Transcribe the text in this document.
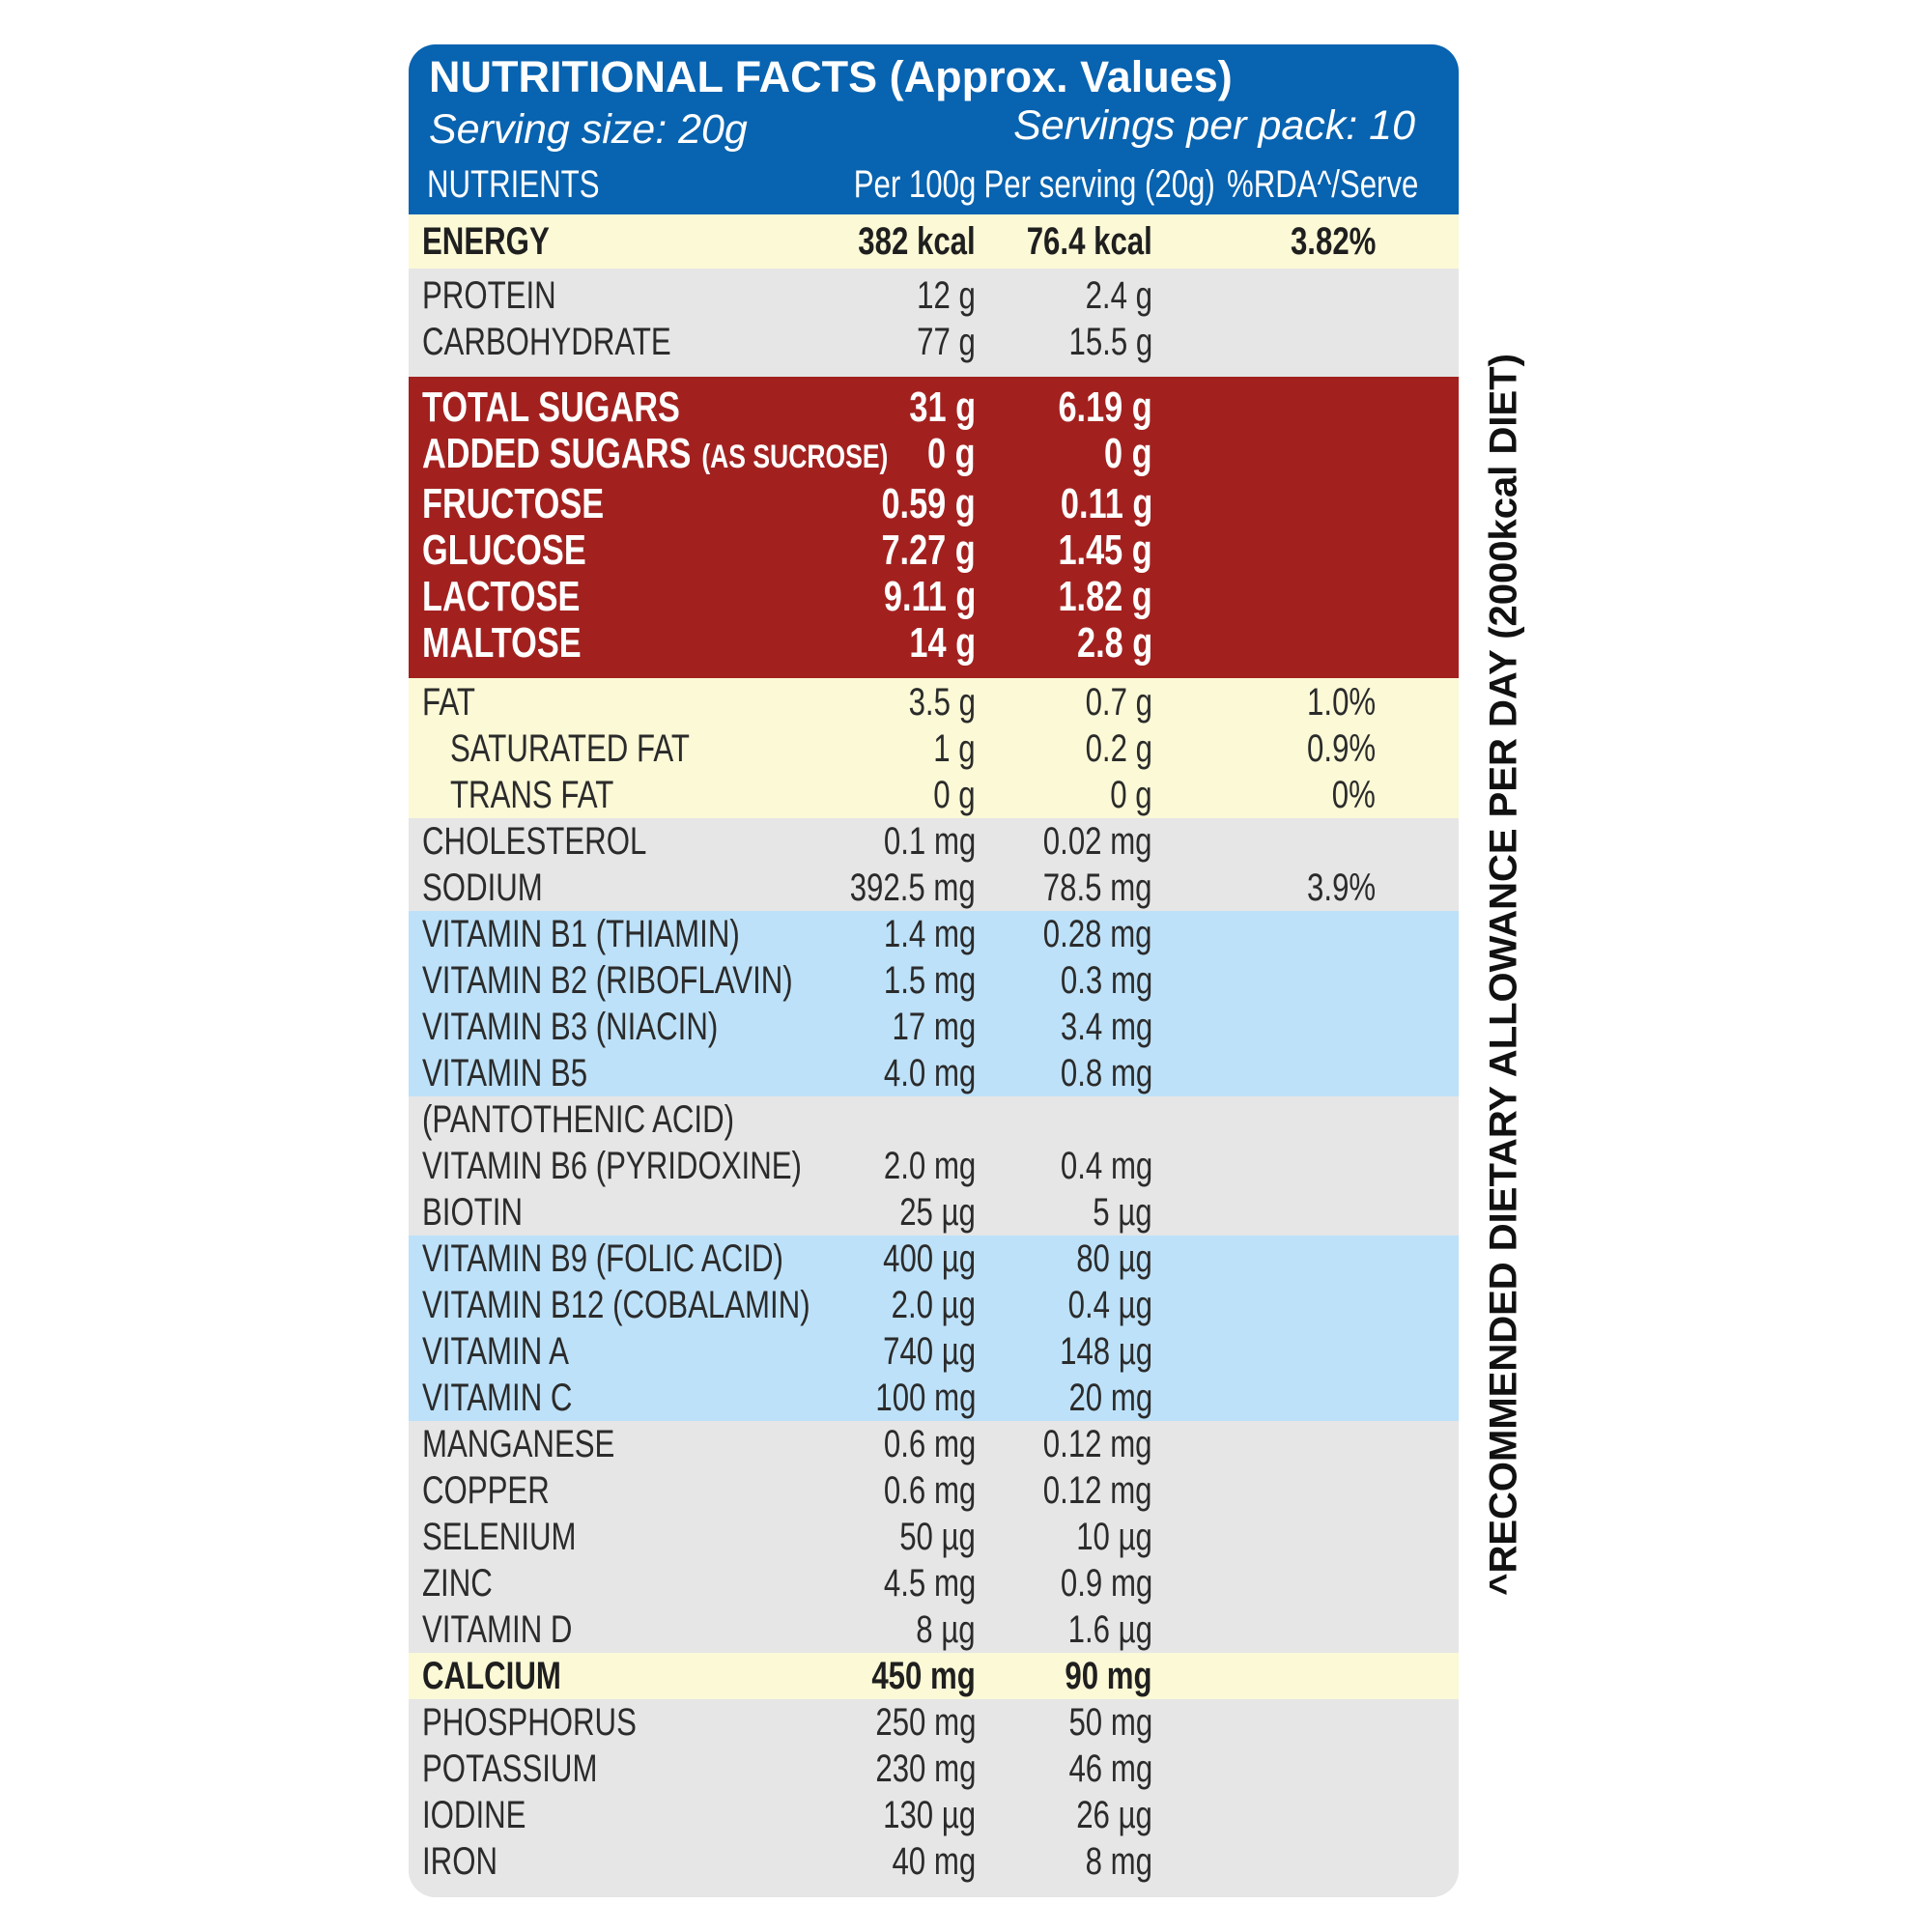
NUTRITIONAL FACTS (Approx. Values)
Serving size: 20g	Servings per pack: 10
NUTRIENTS	Per 100g Per serving (20g) %RDA^/Serve
ENERGY	382 kcal 76.4 kcal	3.82%
PROTEIN	12 g	2.4 g
CARBOHYDRATE	77 g 15.5 g
TOTAL SUGARS	31 g 6.19 g
ADDED SUGARS (AS SUCROSE) 0 g	0 g
FRUCTOSE	0.59 g 0.11 g
GLUCOSE	7.27 g 1.45 g
LACTOSE	9.11 g 1.82 g
MALTOSE	14 g 2.8 g
FAT	3.5 g	0.7 g	1.0%
SATURATED FAT	1 g	0.2 g	0.9%
TRANS FAT	0 g	0 g	0%
CHOLESTEROL	0.1 mg 0.02 mg
SODIUM	392.5 mg 78.5 mg	3.9%
VITAMIN B1 (THIAMIN)	1.4 mg 0.28 mg
VITAMIN B2 (RIBOFLAVIN) 1.5 mg 0.3 mg
VITAMIN B3 (NIACIN)	17 mg 3.4 mg
VITAMIN B5	4.0 mg 0.8 mg
(PANTOTHENIC ACID)
VITAMIN B6 (PYRIDOXINE) 2.0 mg 0.4 mg
BIOTIN	25 µg	5 µg
VITAMIN B9 (FOLIC ACID)	400 µg	80 µg
VITAMIN B12 (COBALAMIN) 2.0 µg 0.4 µg
VITAMIN A	740 µg 148 µg
VITAMIN C	100 mg 20 mg
MANGANESE	0.6 mg 0.12 mg
COPPER	0.6 mg 0.12 mg
SELENIUM	50 µg	10 µg
ZINC	4.5 mg 0.9 mg
VITAMIN D	8 µg 1.6 µg
CALCIUM	450 mg 90 mg
PHOSPHORUS	250 mg 50 mg
POTASSIUM	230 mg 46 mg
IODINE	130 µg	26 µg
IRON	40 mg	8 mg
^RECOMMENDED DIETARY ALLOWANCE PER DAY (2000kcal DIET)
